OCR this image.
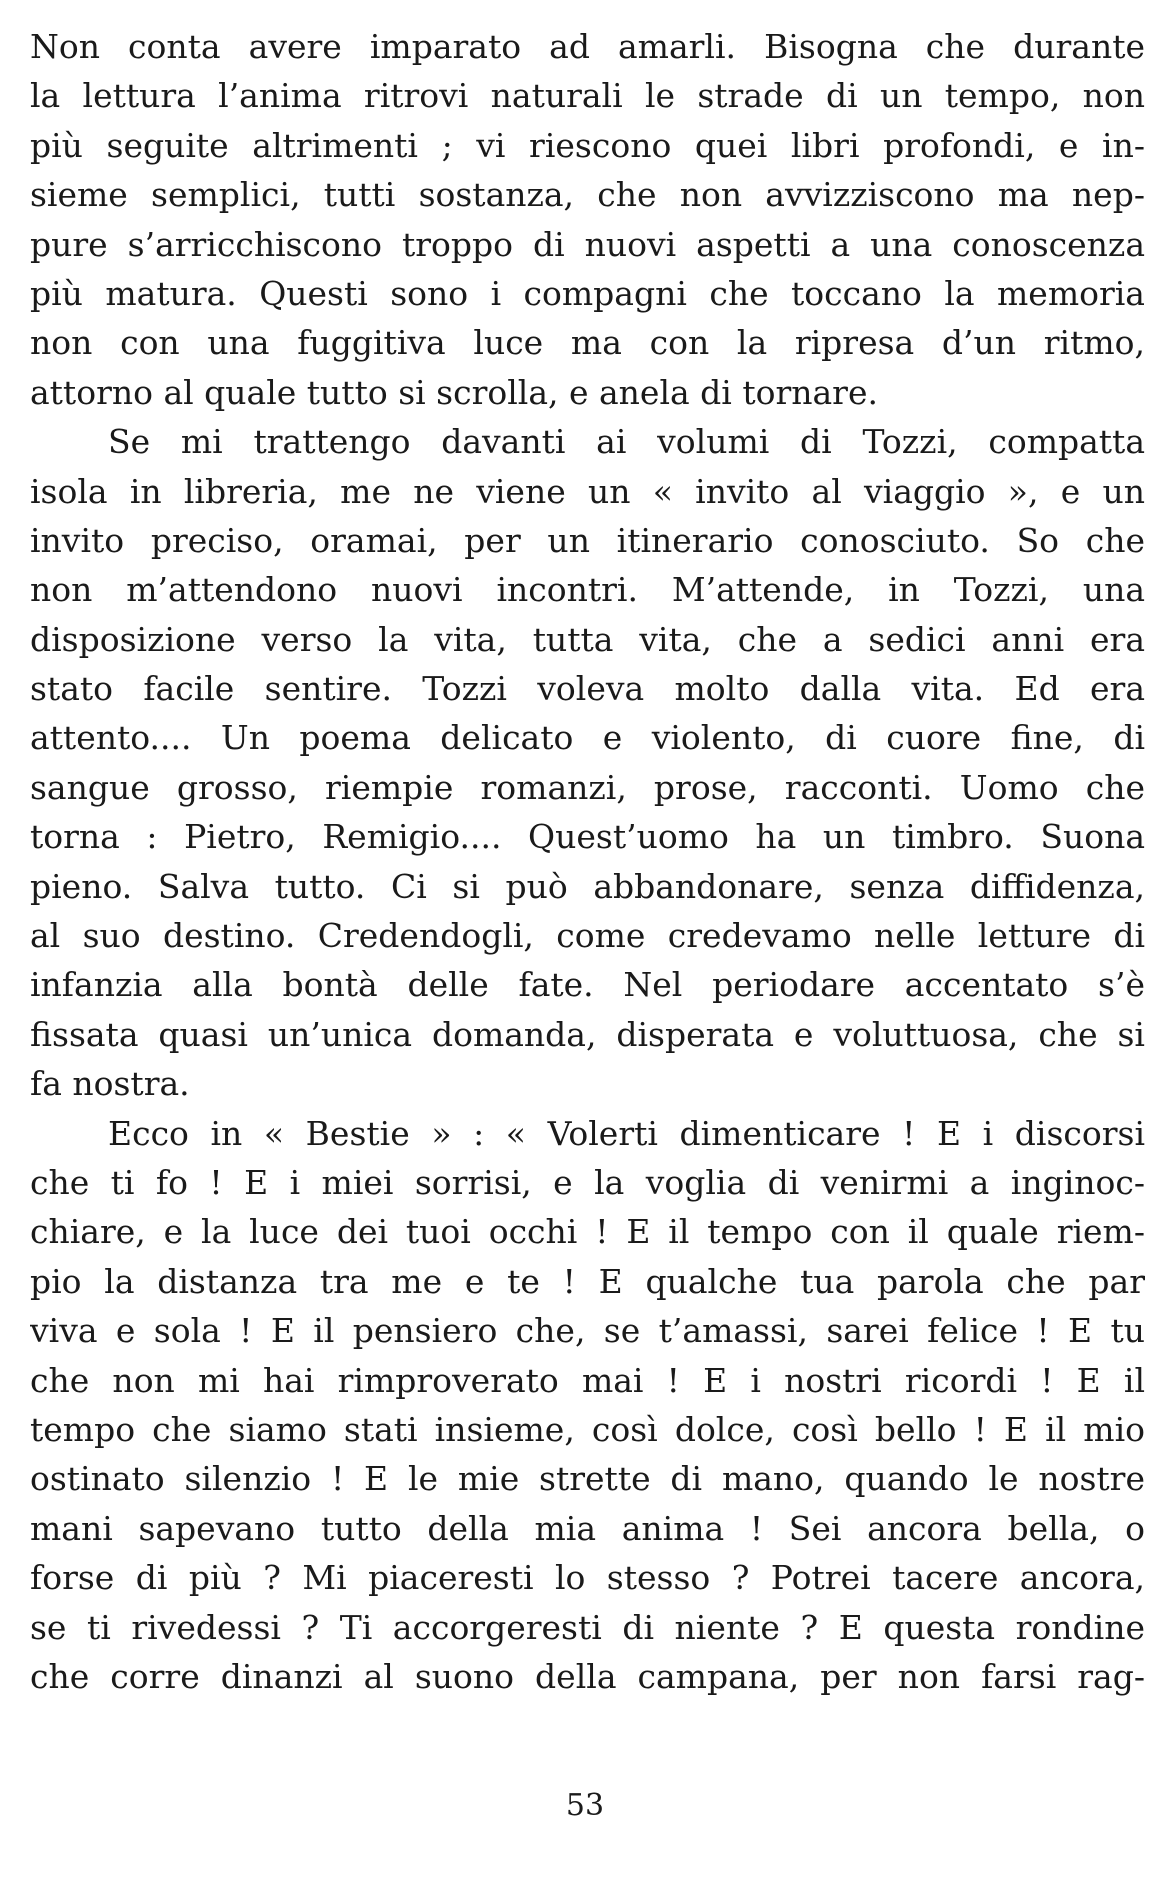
Non conta avere imparato ad amarli. Bisogna che durante
la lettura l’anima ritrovi naturali le strade di un tempo, non
più seguite altrimenti ; vi riescono quei libri profondi, e in-
sieme semplici, tutti sostanza, che non avvizziscono ma nep-
pure s’arricchiscono troppo di nuovi aspetti a una conoscenza
più matura. Questi sono i compagni che toccano la memoria
non con una fuggitiva luce ma con la ripresa d’un ritmo,
attorno al quale tutto si scrolla, e anela di tornare.
Se mi trattengo davanti ai volumi di Tozzi, compatta
isola in libreria, me ne viene un « invito al viaggio », e un
invito preciso, oramai, per un itinerario conosciuto. So che
non m’attendono nuovi incontri. M’attende, in Tozzi, una
disposizione verso la vita, tutta vita, che a sedici anni era
stato facile sentire. Tozzi voleva molto dalla vita. Ed era
attento.... Un poema delicato e violento, di cuore fine, di
sangue grosso, riempie romanzi, prose, racconti. Uomo che
torna : Pietro, Remigio.... Quest’uomo ha un timbro. Suona
pieno. Salva tutto. Ci si può abbandonare, senza diffidenza,
al suo destino. Credendogli, come credevamo nelle letture di
infanzia alla bontà delle fate. Nel periodare accentato s’è
fissata quasi un’unica domanda, disperata e voluttuosa, che si
fa nostra.
Ecco in « Bestie » : « Volerti dimenticare ! E i discorsi
che ti fo ! E i miei sorrisi, e la voglia di venirmi a inginoc-
chiare, e la luce dei tuoi occhi ! E il tempo con il quale riem-
pio la distanza tra me e te ! E qualche tua parola che par
viva e sola ! E il pensiero che, se t’amassi, sarei felice ! E tu
che non mi hai rimproverato mai ! E i nostri ricordi ! E il
tempo che siamo stati insieme, così dolce, così bello ! E il mio
ostinato silenzio ! E le mie strette di mano, quando le nostre
mani sapevano tutto della mia anima ! Sei ancora bella, o
forse di più ? Mi piaceresti lo stesso ? Potrei tacere ancora,
se ti rivedessi ? Ti accorgeresti di niente ? E questa rondine
che corre dinanzi al suono della campana, per non farsi rag-
53
